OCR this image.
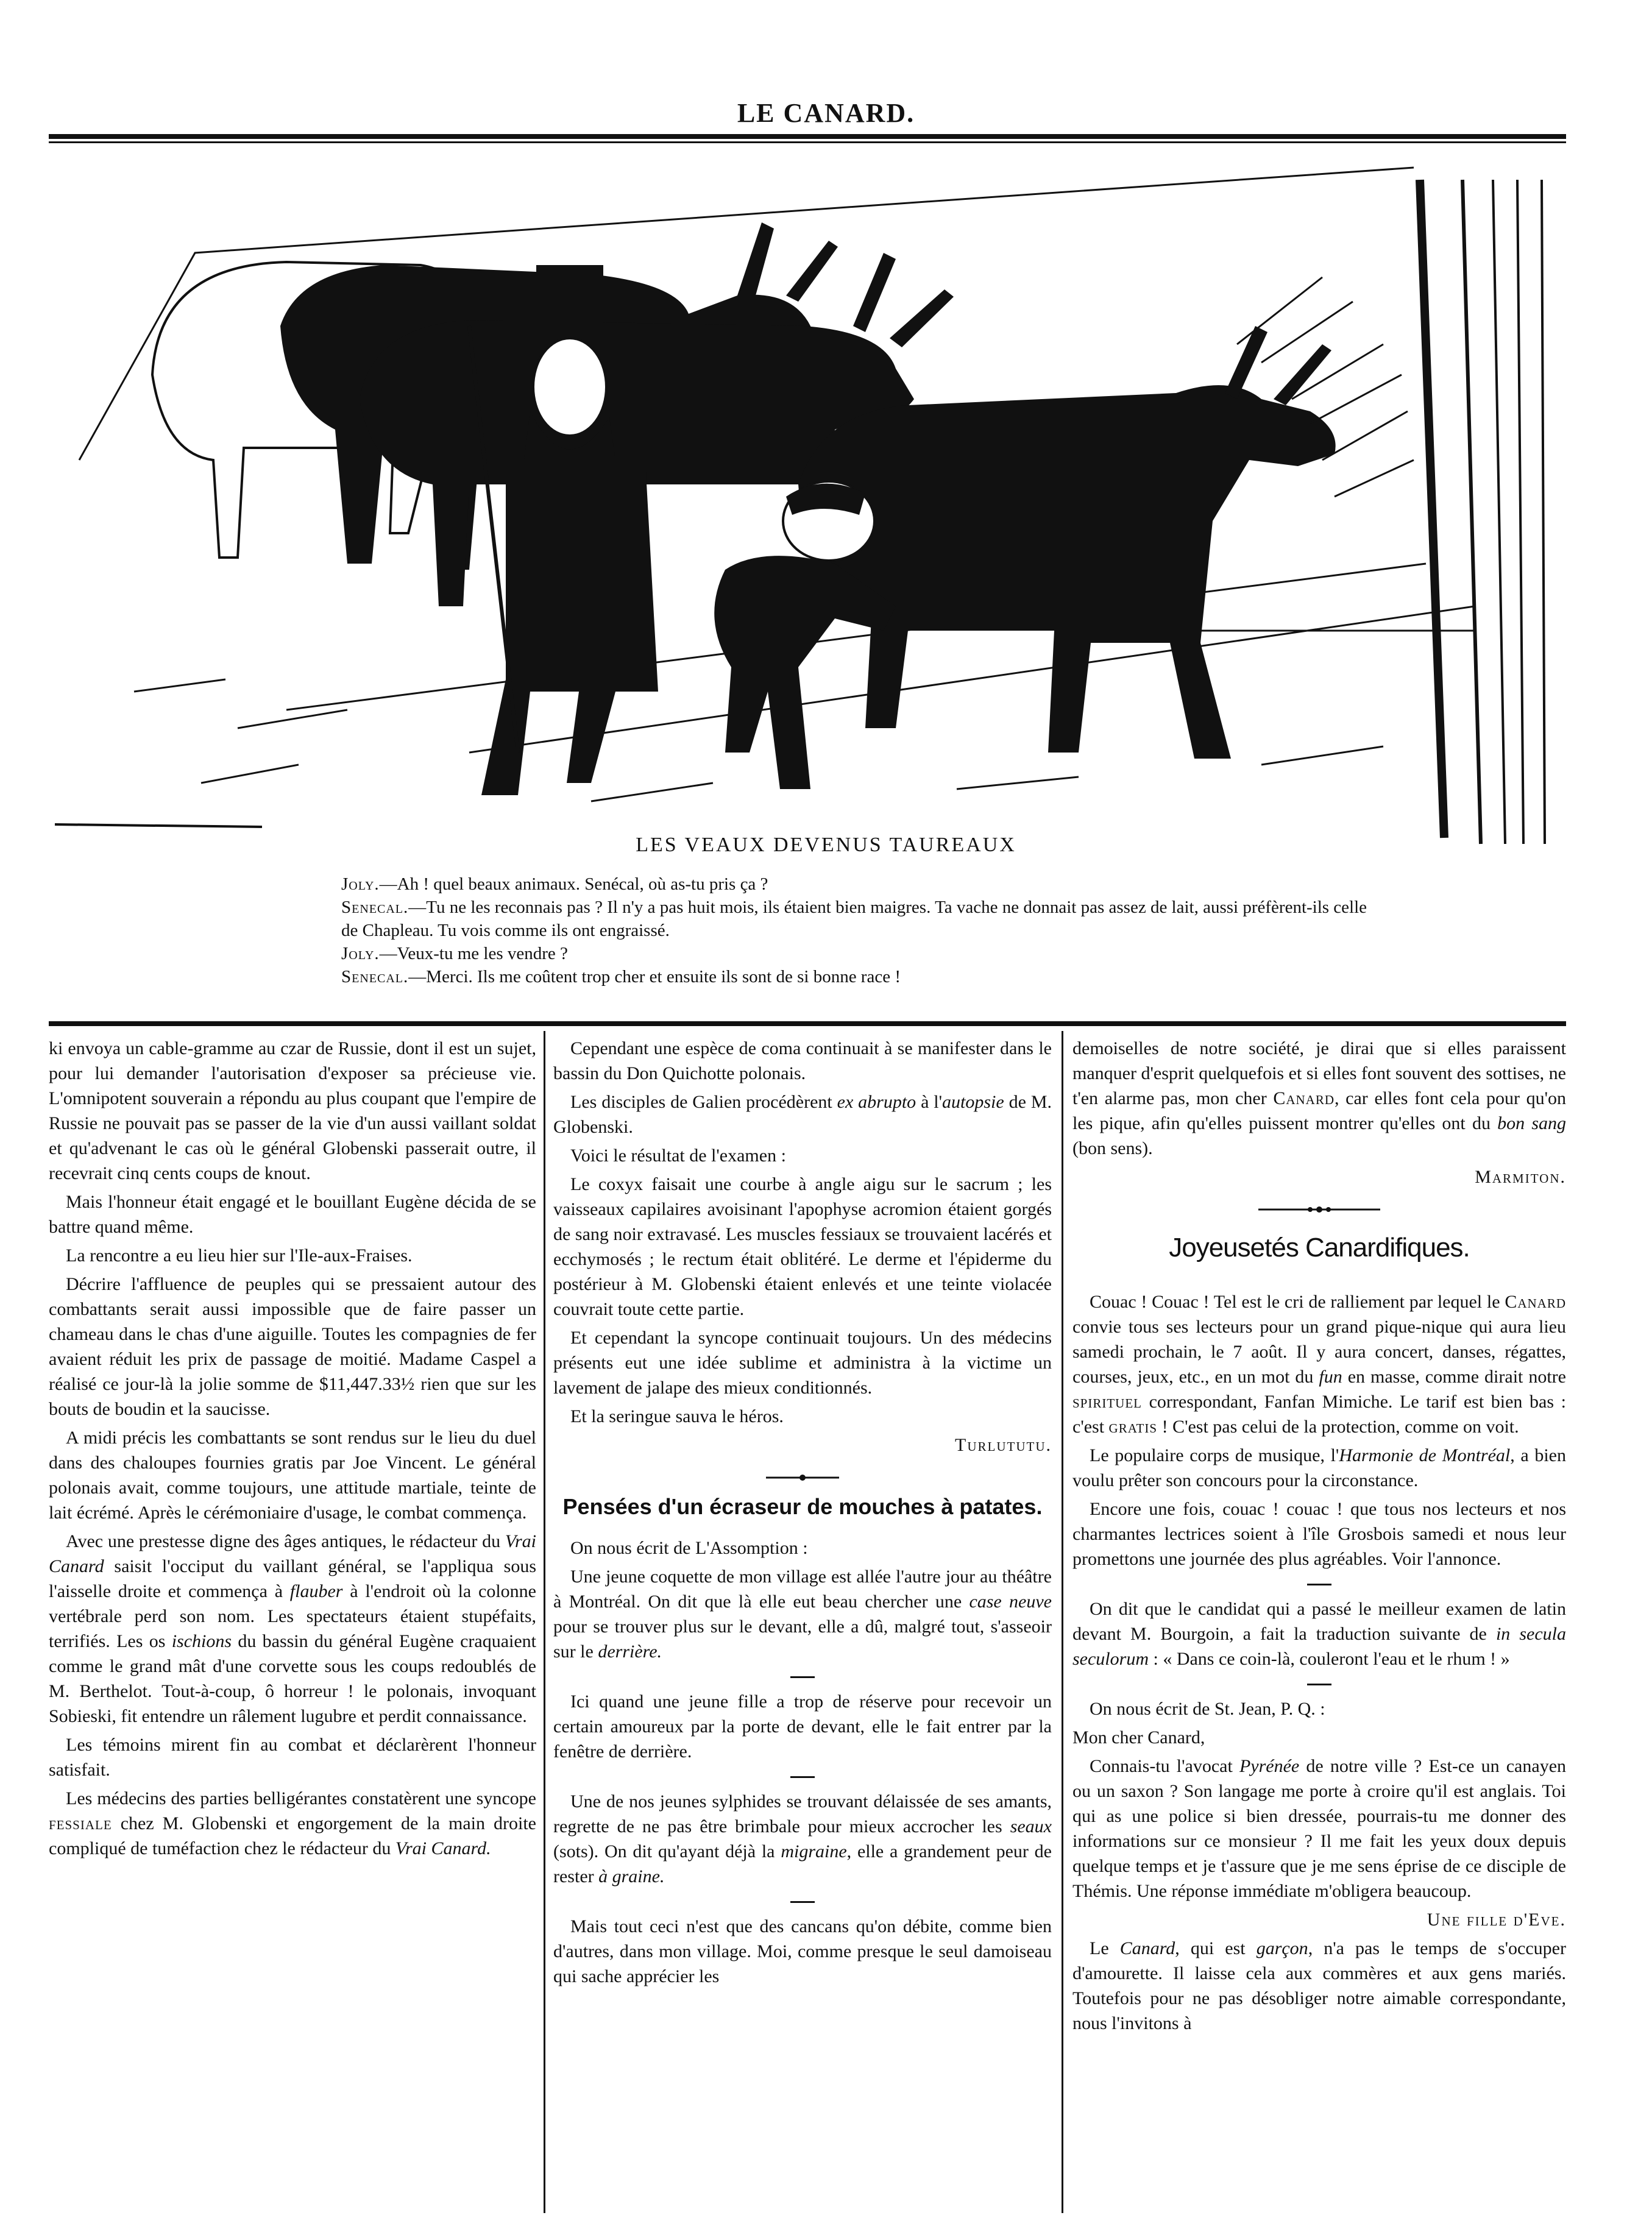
LE CANARD.
LES VEAUX DEVENUS TAUREAUX

Joly.—Ah ! quel beaux animaux. Senécal, où as-tu pris ça ?

Senecal.—Tu ne les reconnais pas ? Il n'y a pas huit mois, ils étaient bien maigres. Ta vache ne donnait pas assez de lait, aussi préfèrent-ils celle de Chapleau. Tu vois comme ils ont engraissé.

Joly.—Veux-tu me les vendre ?

Senecal.—Merci. Ils me coûtent trop cher et ensuite ils sont de si bonne race !

ki envoya un cable-gramme au czar de Russie, dont il est un sujet, pour lui demander l'autorisation d'exposer sa précieuse vie. L'omnipotent souverain a répondu au plus coupant que l'empire de Russie ne pouvait pas se passer de la vie d'un aussi vaillant soldat et qu'advenant le cas où le général Globenski passerait outre, il recevrait cinq cents coups de knout.

Mais l'honneur était engagé et le bouillant Eugène décida de se battre quand même.

La rencontre a eu lieu hier sur l'Ile-aux-Fraises.

Décrire l'affluence de peuples qui se pressaient autour des combattants serait aussi impossible que de faire passer un chameau dans le chas d'une aiguille. Toutes les compagnies de fer avaient réduit les prix de passage de moitié. Madame Caspel a réalisé ce jour-là la jolie somme de $11,447.33½ rien que sur les bouts de boudin et la saucisse.

A midi précis les combattants se sont rendus sur le lieu du duel dans des chaloupes fournies gratis par Joe Vincent. Le général polonais avait, comme toujours, une attitude martiale, teinte de lait écrémé. Après le cérémoniaire d'usage, le combat commença.

Avec une prestesse digne des âges antiques, le rédacteur du Vrai Canard saisit l'occiput du vaillant général, se l'appliqua sous l'aisselle droite et commença à flauber à l'endroit où la colonne vertébrale perd son nom. Les spectateurs étaient stupéfaits, terrifiés. Les os ischions du bassin du général Eugène craquaient comme le grand mât d'une corvette sous les coups redoublés de M. Berthelot. Tout-à-coup, ô horreur ! le polonais, invoquant Sobieski, fit entendre un râlement lugubre et perdit connaissance.

Les témoins mirent fin au combat et déclarèrent l'honneur satisfait.

Les médecins des parties belligérantes constatèrent une syncope fessiale chez M. Globenski et engorgement de la main droite compliqué de tuméfaction chez le rédacteur du Vrai Canard.

Cependant une espèce de coma continuait à se manifester dans le bassin du Don Quichotte polonais.

Les disciples de Galien procédèrent ex abrupto à l'autopsie de M. Globenski.

Voici le résultat de l'examen :

Le coxyx faisait une courbe à angle aigu sur le sacrum ; les vaisseaux capilaires avoisinant l'apophyse acromion étaient gorgés de sang noir extravasé. Les muscles fessiaux se trouvaient lacérés et ecchymosés ; le rectum était oblitéré. Le derme et l'épiderme du postérieur à M. Globenski étaient enlevés et une teinte violacée couvrait toute cette partie.

Et cependant la syncope continuait toujours. Un des médecins présents eut une idée sublime et administra à la victime un lavement de jalape des mieux conditionnés.

Et la seringue sauva le héros.

Turlututu.

Pensées d'un écraseur de mouches à patates.

On nous écrit de L'Assomption :

Une jeune coquette de mon village est allée l'autre jour au théâtre à Montréal. On dit que là elle eut beau chercher une case neuve pour se trouver plus sur le devant, elle a dû, malgré tout, s'asseoir sur le derrière.

Ici quand une jeune fille a trop de réserve pour recevoir un certain amoureux par la porte de devant, elle le fait entrer par la fenêtre de derrière.

Une de nos jeunes sylphides se trouvant délaissée de ses amants, regrette de ne pas être brimbale pour mieux accrocher les seaux (sots). On dit qu'ayant déjà la migraine, elle a grandement peur de rester à graine.

Mais tout ceci n'est que des cancans qu'on débite, comme bien d'autres, dans mon village. Moi, comme presque le seul damoiseau qui sache apprécier les

demoiselles de notre société, je dirai que si elles paraissent manquer d'esprit quelquefois et si elles font souvent des sottises, ne t'en alarme pas, mon cher Canard, car elles font cela pour qu'on les pique, afin qu'elles puissent montrer qu'elles ont du bon sang (bon sens).

Marmiton.

Joyeusetés Canardifiques.

Couac ! Couac ! Tel est le cri de ralliement par lequel le Canard convie tous ses lecteurs pour un grand pique-nique qui aura lieu samedi prochain, le 7 août. Il y aura concert, danses, régattes, courses, jeux, etc., en un mot du fun en masse, comme dirait notre spirituel correspondant, Fanfan Mimiche. Le tarif est bien bas : c'est gratis ! C'est pas celui de la protection, comme on voit.

Le populaire corps de musique, l'Harmonie de Montréal, a bien voulu prêter son concours pour la circonstance.

Encore une fois, couac ! couac ! que tous nos lecteurs et nos charmantes lectrices soient à l'île Grosbois samedi et nous leur promettons une journée des plus agréables. Voir l'annonce.

On dit que le candidat qui a passé le meilleur examen de latin devant M. Bourgoin, a fait la traduction suivante de in secula seculorum : « Dans ce coin-là, couleront l'eau et le rhum ! »

On nous écrit de St. Jean, P. Q. :

Mon cher Canard,

Connais-tu l'avocat Pyrénée de notre ville ? Est-ce un canayen ou un saxon ? Son langage me porte à croire qu'il est anglais. Toi qui as une police si bien dressée, pourrais-tu me donner des informations sur ce monsieur ? Il me fait les yeux doux depuis quelque temps et je t'assure que je me sens éprise de ce disciple de Thémis. Une réponse immédiate m'obligera beaucoup.

Une fille d'Eve.

Le Canard, qui est garçon, n'a pas le temps de s'occuper d'amourette. Il laisse cela aux commères et aux gens mariés. Toutefois pour ne pas désobliger notre aimable correspondante, nous l'invitons à
